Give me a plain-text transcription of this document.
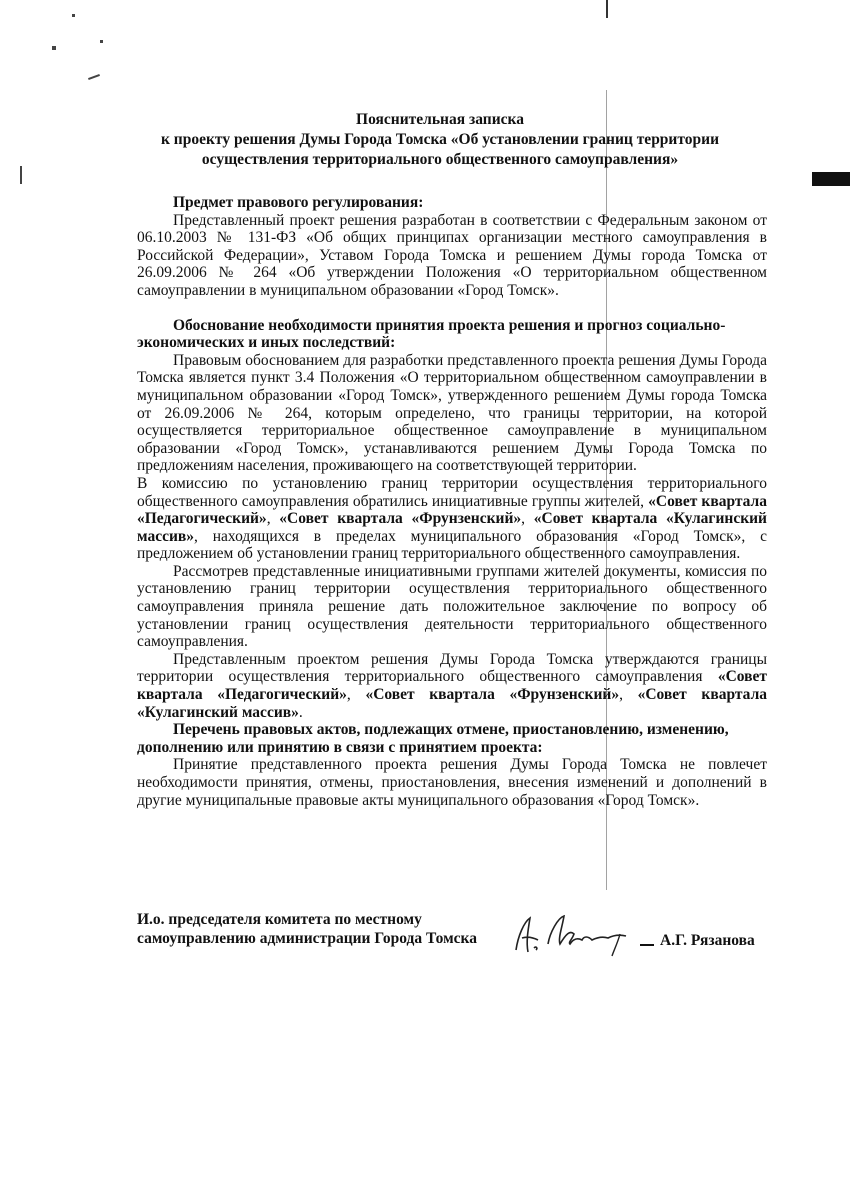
Пояснительная записка
к проекту решения Думы Города Томска «Об установлении границ территории
осуществления территориального общественного самоуправления»

Предмет правового регулирования:

Представленный проект решения разработан в соответствии с Федеральным законом от 06.10.2003 № 131-ФЗ «Об общих принципах организации местного самоуправления в Российской Федерации», Уставом Города Томска и решением Думы города Томска от 26.09.2006 № 264 «Об утверждении Положения «О территориальном общественном самоуправлении в муниципальном образовании «Город Томск».

Обоснование необходимости принятия проекта решения и прогноз социально-экономических и иных последствий:

Правовым обоснованием для разработки представленного проекта решения Думы Города Томска является пункт 3.4 Положения «О территориальном общественном самоуправлении в муниципальном образовании «Город Томск», утвержденного решением Думы города Томска от 26.09.2006 № 264, которым определено, что границы территории, на которой осуществляется территориальное общественное самоуправление в муниципальном образовании «Город Томск», устанавливаются решением Думы Города Томска по предложениям населения, проживающего на соответствующей территории.

В комиссию по установлению границ территории осуществления территориального общественного самоуправления обратились инициативные группы жителей, «Совет квартала «Педагогический», «Совет квартала «Фрунзенский», «Совет квартала «Кулагинский массив», находящихся в пределах муниципального образования «Город Томск», с предложением об установлении границ территориального общественного самоуправления.

Рассмотрев представленные инициативными группами жителей документы, комиссия по установлению границ территории осуществления территориального общественного самоуправления приняла решение дать положительное заключение по вопросу об установлении границ осуществления деятельности территориального общественного самоуправления.

Представленным проектом решения Думы Города Томска утверждаются границы территории осуществления территориального общественного самоуправления «Совет квартала «Педагогический», «Совет квартала «Фрунзенский», «Совет квартала «Кулагинский массив».

Перечень правовых актов, подлежащих отмене, приостановлению, изменению, дополнению или принятию в связи с принятием проекта:

Принятие представленного проекта решения Думы Города Томска не повлечет необходимости принятия, отмены, приостановления, внесения изменений и дополнений в другие муниципальные правовые акты муниципального образования «Город Томск».

И.о. председателя комитета по местному
самоуправлению администрации Города Томска	А.Г. Рязанова
